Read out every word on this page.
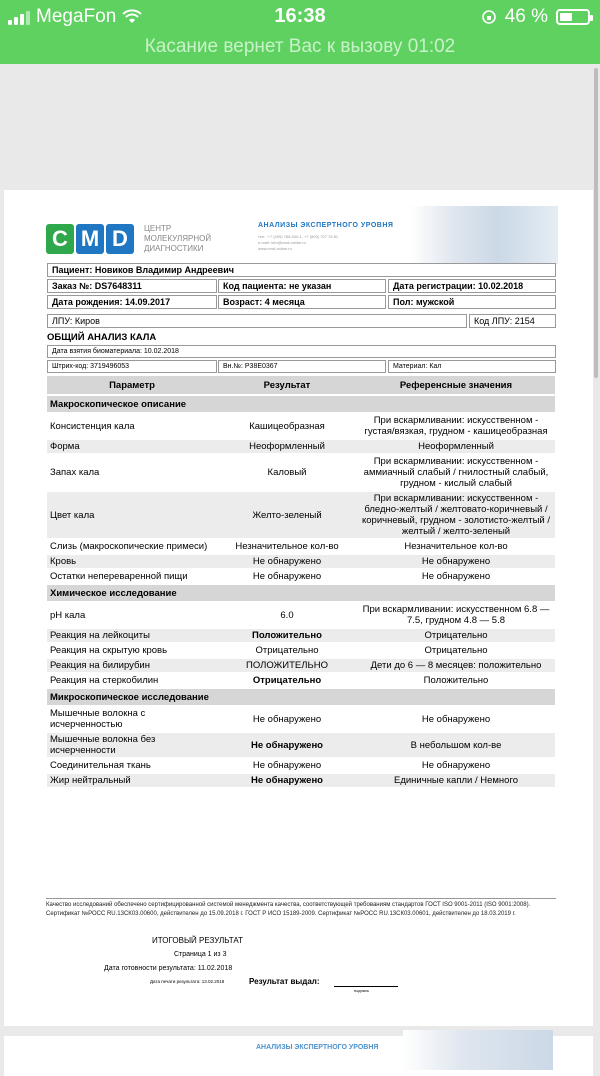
MegaFon	16:38	46 %
Касание вернет Вас к вызову 01:02
C M D	ЦЕНТР
МОЛЕКУЛЯРНОЙ
ДИАГНОСТИКИ
АНАЛИЗЫ ЭКСПЕРТНОГО УРОВНЯ
тел.: +7 (495) 788-000-1, +7 (800) 707 76 81
e-mail: info@cmd-online.ru
www.cmd-online.ru
Пациент: Новиков Владимир Андреевич
Заказ №: DS7648311	Код пациента: не указан	Дата регистрации: 10.02.2018
Дата рождения: 14.09.2017	Возраст: 4 месяца	Пол: мужской
ЛПУ: Киров	Код ЛПУ: 2154
ОБЩИЙ АНАЛИЗ КАЛА
Дата взятия биоматериала: 10.02.2018
Штрих-код: 3719496053	Вн.№: P38E0367	Материал: Кал
Параметр	Результат	Референсные значения
Макроскопическое описание		
Консистенция кала	Кашицеобразная	При вскармливании: искусственном - густая/вязкая, грудном - кашицеобразная
Форма	Неоформленный	Неоформленный
Запах кала	Каловый	При вскармливании: искусственном - аммиачный слабый / гнилостный слабый, грудном - кислый слабый
Цвет кала	Желто-зеленый	При вскармливании: искусственном - бледно-желтый / желтовато-коричневый / коричневый, грудном - золотисто-желтый / желтый / желто-зеленый
Слизь (макроскопические примеси)	Незначительное кол-во	Незначительное кол-во
Кровь	Не обнаружено	Не обнаружено
Остатки непереваренной пищи	Не обнаружено	Не обнаружено
Химическое исследование		
pH кала	6.0	При вскармливании: искусственном 6.8 — 7.5, грудном 4.8 — 5.8
Реакция на лейкоциты	Положительно	Отрицательно
Реакция на скрытую кровь	Отрицательно	Отрицательно
Реакция на билирубин	ПОЛОЖИТЕЛЬНО	Дети до 6 — 8 месяцев: положительно
Реакция на стеркобилин	Отрицательно	Положительно
Микроскопическое исследование		
Мышечные волокна с исчерченностью	Не обнаружено	Не обнаружено
Мышечные волокна без исчерченности	Не обнаружено	В небольшом кол-ве
Соединительная ткань	Не обнаружено	Не обнаружено
Жир нейтральный	Не обнаружено	Единичные капли / Немного
Качество исследований обеспечено сертифицированной системой менеджмента качества, соответствующей требованиям стандартов ГОСТ ISO 9001-2011 (ISO 9001:2008). Сертификат №РОСС RU.13СК03.00600, действителен до 15.09.2018 г. ГОСТ Р ИСО 15189-2009. Сертификат №РОСС RU.13СК03.00601, действителен до 18.03.2019 г.
ИТОГОВЫЙ РЕЗУЛЬТАТ
Страница 1 из 3
Дата готовности результата: 11.02.2018
Дата печати результата: 13.02.2018	Результат выдал:
подпись
АНАЛИЗЫ ЭКСПЕРТНОГО УРОВНЯ
